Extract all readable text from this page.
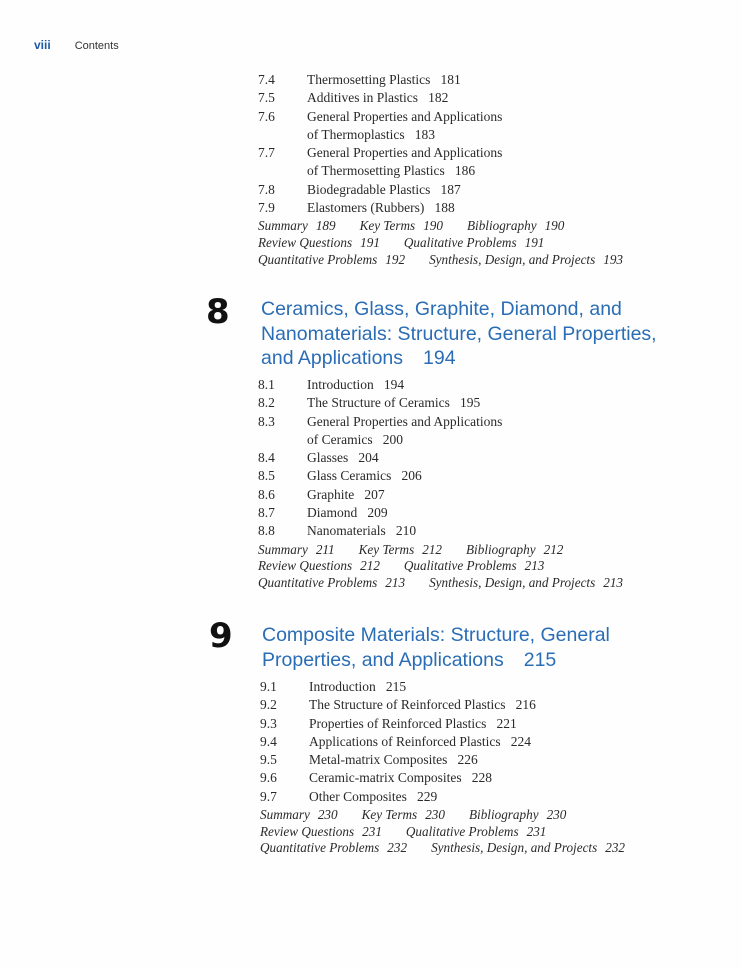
viii Contents
7.4	Thermosetting Plastics   181
7.5	Additives in Plastics   182
7.6	General Properties and Applications
of Thermoplastics   183
7.7	General Properties and Applications
of Thermosetting Plastics   186
7.8	Biodegradable Plastics   187
7.9	Elastomers (Rubbers)   188
Summary 189 Key Terms 190 Bibliography 190
Review Questions 191 Qualitative Problems 191
Quantitative Problems 192 Synthesis, Design, and Projects 193
8 Ceramics, Glass, Graphite, Diamond, and
Nanomaterials: Structure, General Properties,
and Applications 194
8.1	Introduction   194
8.2	The Structure of Ceramics   195
8.3	General Properties and Applications
of Ceramics   200
8.4	Glasses   204
8.5	Glass Ceramics   206
8.6	Graphite   207
8.7	Diamond   209
8.8	Nanomaterials   210
Summary 211 Key Terms 212 Bibliography 212
Review Questions 212 Qualitative Problems 213
Quantitative Problems 213 Synthesis, Design, and Projects 213
9 Composite Materials: Structure, General
Properties, and Applications 215
9.1	Introduction   215
9.2	The Structure of Reinforced Plastics   216
9.3	Properties of Reinforced Plastics   221
9.4	Applications of Reinforced Plastics   224
9.5	Metal-matrix Composites   226
9.6	Ceramic-matrix Composites   228
9.7	Other Composites   229
Summary 230 Key Terms 230 Bibliography 230
Review Questions 231 Qualitative Problems 231
Quantitative Problems 232 Synthesis, Design, and Projects 232
